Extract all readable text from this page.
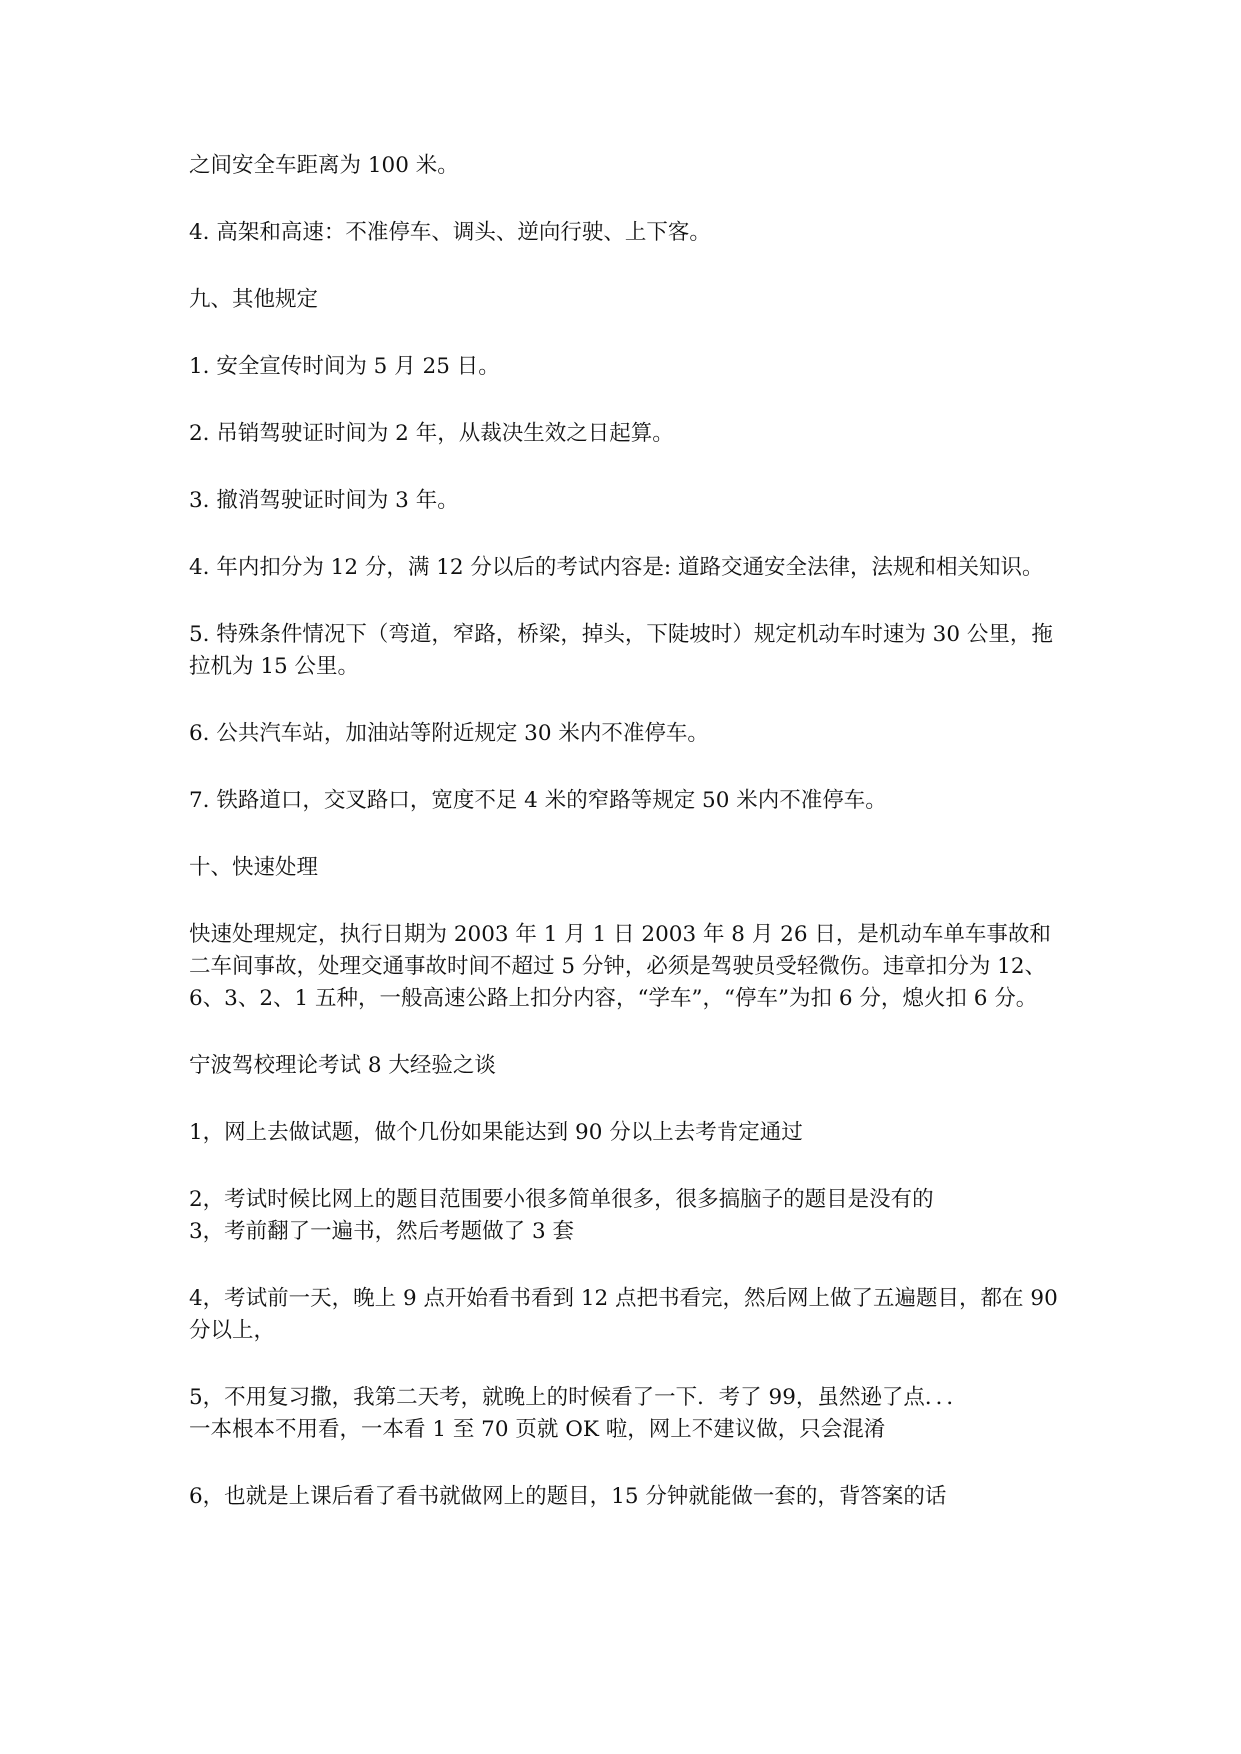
之间安全车距离为 100 米。

4. 高架和高速：不准停车、调头、逆向行驶、上下客。

九、其他规定

1. 安全宣传时间为 5 月 25 日。

2. 吊销驾驶证时间为 2 年，从裁决生效之日起算。

3. 撤消驾驶证时间为 3 年。

4. 年内扣分为 12 分，满 12 分以后的考试内容是: 道路交通安全法律，法规和相关知识。

5. 特殊条件情况下（弯道，窄路，桥梁，掉头，下陡坡时）规定机动车时速为 30 公里，拖拉机为 15 公里。

6. 公共汽车站，加油站等附近规定 30 米内不准停车。

7. 铁路道口，交叉路口，宽度不足 4 米的窄路等规定 50 米内不准停车。

十、快速处理

快速处理规定，执行日期为 2003 年 1 月 1 日 2003 年 8 月 26 日，是机动车单车事故和二车间事故，处理交通事故时间不超过 5 分钟，必须是驾驶员受轻微伤。违章扣分为 12、6、3、2、1 五种，一般高速公路上扣分内容，“学车”，“停车”为扣 6 分，熄火扣 6 分。

宁波驾校理论考试 8 大经验之谈

1，网上去做试题，做个几份如果能达到 90 分以上去考肯定通过

2，考试时候比网上的题目范围要小很多简单很多，很多搞脑子的题目是没有的
3，考前翻了一遍书，然后考题做了 3 套

4，考试前一天，晚上 9 点开始看书看到 12 点把书看完，然后网上做了五遍题目，都在 90 分以上，

5，不用复习撒，我第二天考，就晚上的时候看了一下．考了 99，虽然逊了点．．．
一本根本不用看，一本看 1 至 70 页就 OK 啦，网上不建议做，只会混淆

6，也就是上课后看了看书就做网上的题目，15 分钟就能做一套的，背答案的话
